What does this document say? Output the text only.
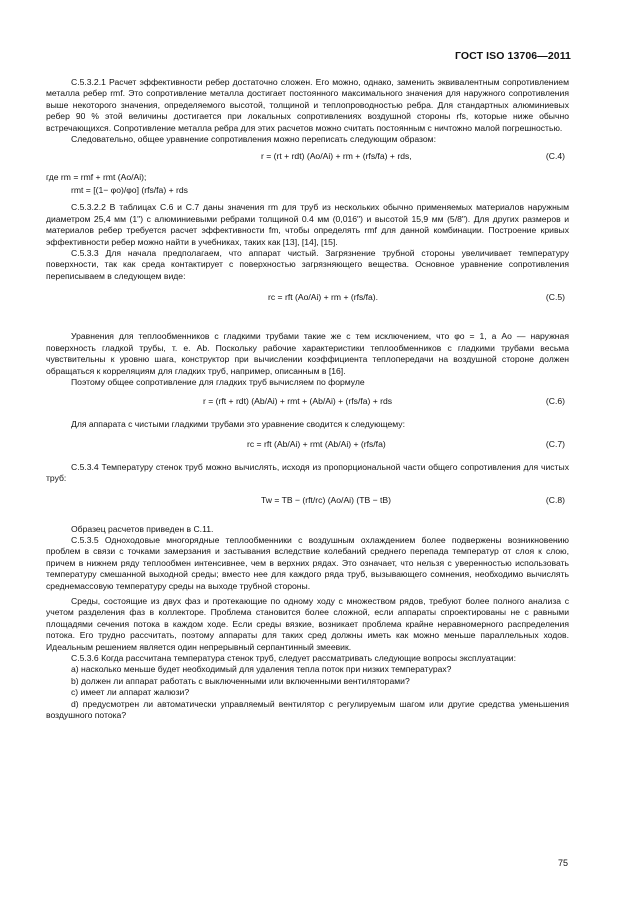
ГОСТ ISO 13706—2011

C.5.3.2.1 Расчет эффективности ребер достаточно сложен. Его можно, однако, заменить эквивалентным сопротивлением металла ребер rmf. Это сопротивление металла достигает постоянного максимального значения для наружного сопротивления выше некоторого значения, определяемого высотой, толщиной и теплопроводностью ребра. Для стандартных алюминиевых ребер 90 % этой величины достигается при локальных сопротивлениях воздушной стороны rfs, которые ниже обычно встречающихся. Сопротивление металла ребра для этих расчетов можно считать постоянным с ничтожно малой погрешностью.

Следовательно, общее уравнение сопротивления можно переписать следующим образом:

r = (rt + rdt) (Ao/Ai) + rm + (rfs/fa) + rds,	(C.4)
где rm = rmf + rmt (Ao/Ai);
rmt = [(1− φo)/φo] (rfs/fa) + rds

C.5.3.2.2 В таблицах С.6 и С.7 даны значения rm для труб из нескольких обычно применяемых материалов наружным диаметром 25,4 мм (1") с алюминиевыми ребрами толщиной 0.4 мм (0,016") и высотой 15,9 мм (5/8"). Для других размеров и материалов ребер требуется расчет эффективности fm, чтобы определять rmf для данной комбинации. Построение кривых эффективности ребер можно найти в учебниках, таких как [13], [14], [15].

C.5.3.3 Для начала предполагаем, что аппарат чистый. Загрязнение трубной стороны увеличивает температуру поверхности, так как среда контактирует с поверхностью загрязняющего вещества. Основное уравнение сопротивления переписываем в следующем виде:

rc = rft (Ao/Ai) + rm + (rfs/fa).	(C.5)

Уравнения для теплообменников с гладкими трубами такие же с тем исключением, что φo = 1, а Ao — наружная поверхность гладкой трубы, т. е. Ab. Поскольку рабочие характеристики теплообменников с гладкими трубами весьма чувствительны к уровню шага, конструктор при вычислении коэффициента теплопередачи на воздушной стороне должен обращаться к корреляциям для гладких труб, например, описанным в [16].

Поэтому общее сопротивление для гладких труб вычисляем по формуле

r = (rft + rdt) (Ab/Ai) + rmt + (Ab/Ai) + (rfs/fa) + rds	(C.6)

Для аппарата с чистыми гладкими трубами это уравнение сводится к следующему:

rc = rft (Ab/Ai) + rmt (Ab/Ai) + (rfs/fa)	(C.7)

C.5.3.4 Температуру стенок труб можно вычислять, исходя из пропорциональной части общего сопротивления для чистых труб:

Tw = TB − (rft/rc) (Ao/Ai) (TB − tB)	(C.8)

Образец расчетов приведен в С.11.

C.5.3.5 Одноходовые многорядные теплообменники с воздушным охлаждением более подвержены возникновению проблем в связи с точками замерзания и застывания вследствие колебаний среднего перепада температур от слоя к слою, причем в нижнем ряду теплообмен интенсивнее, чем в верхних рядах. Это означает, что нельзя с уверенностью использовать температуру смешанной выходной среды; вместо нее для каждого ряда труб, вызывающего сомнения, необходимо вычислять среднемассовую температуру среды на выходе трубной стороны.

Среды, состоящие из двух фаз и протекающие по одному ходу с множеством рядов, требуют более полного анализа с учетом разделения фаз в коллекторе. Проблема становится более сложной, если аппараты спроектированы не с равными площадями сечения потока в каждом ходе. Если среды вязкие, возникает проблема крайне неравномерного распределения потока. Его трудно рассчитать, поэтому аппараты для таких сред должны иметь как можно меньше параллельных ходов. Идеальным решением является один непрерывный серпантинный змеевик.

C.5.3.6 Когда рассчитана температура стенок труб, следует рассматривать следующие вопросы эксплуатации:

a) насколько меньше будет необходимый для удаления тепла поток при низких температурах?

b) должен ли аппарат работать с выключенными или включенными вентиляторами?

c) имеет ли аппарат жалюзи?

d) предусмотрен ли автоматически управляемый вентилятор с регулируемым шагом или другие средства уменьшения воздушного потока?

75
